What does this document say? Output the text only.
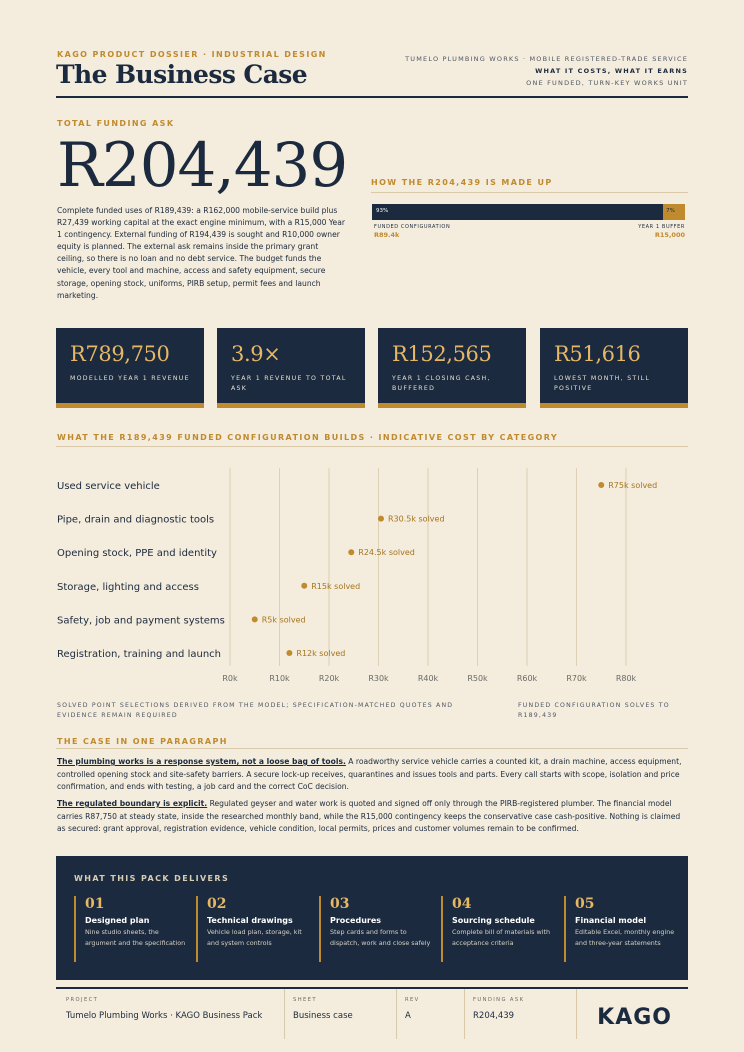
KAGO PRODUCT DOSSIER · INDUSTRIAL DESIGN
The Business Case
TUMELO PLUMBING WORKS · MOBILE REGISTERED-TRADE SERVICE
WHAT IT COSTS, WHAT IT EARNS
ONE FUNDED, TURN-KEY WORKS UNIT
TOTAL FUNDING ASK
R204,439
Complete funded uses of R189,439: a R162,000 mobile-service build plus R27,439 working capital at the exact engine minimum, with a R15,000 Year 1 contingency. External funding of R194,439 is sought and R10,000 owner equity is planned. The external ask remains inside the primary grant ceiling, so there is no loan and no debt service. The budget funds the vehicle, every tool and machine, access and safety equipment, secure storage, opening stock, uniforms, PIRB setup, permit fees and launch marketing.
HOW THE R204,439 IS MADE UP
93%	7%
FUNDED CONFIGURATION
R89.4k
YEAR 1 BUFFER
R15,000
R789,750
MODELLED YEAR 1 REVENUE
3.9×
YEAR 1 REVENUE TO TOTAL ASK
R152,565
YEAR 1 CLOSING CASH, BUFFERED
R51,616
LOWEST MONTH, STILL POSITIVE
WHAT THE R189,439 FUNDED CONFIGURATION BUILDS · INDICATIVE COST BY CATEGORY
R0k	R10k	R20k	R30k	R40k	R50k	R60k	R70k	R80k
Used service vehicle	R75k solved
Pipe, drain and diagnostic tools	R30.5k solved
Opening stock, PPE and identity	R24.5k solved
Storage, lighting and access	R15k solved
Safety, job and payment systems	R5k solved
Registration, training and launch	R12k solved
SOLVED POINT SELECTIONS DERIVED FROM THE MODEL; SPECIFICATION-MATCHED QUOTES AND EVIDENCE REMAIN REQUIRED
FUNDED CONFIGURATION SOLVES TO R189,439
THE CASE IN ONE PARAGRAPH
The plumbing works is a response system, not a loose bag of tools. A roadworthy service vehicle carries a counted kit, a drain machine, access equipment, controlled opening stock and site-safety barriers. A secure lock-up receives, quarantines and issues tools and parts. Every call starts with scope, isolation and price confirmation, and ends with testing, a job card and the correct CoC decision.
The regulated boundary is explicit. Regulated geyser and water work is quoted and signed off only through the PIRB-registered plumber. The financial model carries R87,750 at steady state, inside the researched monthly band, while the R15,000 contingency keeps the conservative case cash-positive. Nothing is claimed as secured: grant approval, registration evidence, vehicle condition, local permits, prices and customer volumes remain to be confirmed.
WHAT THIS PACK DELIVERS
01
Designed plan
Nine studio sheets, the argument and the specification
02
Technical drawings
Vehicle load plan, storage, kit and system controls
03
Procedures
Step cards and forms to dispatch, work and close safely
04
Sourcing schedule
Complete bill of materials with acceptance criteria
05
Financial model
Editable Excel, monthly engine and three-year statements
PROJECT
Tumelo Plumbing Works · KAGO Business Pack
SHEET
Business case
REV
A
FUNDING ASK
R204,439	KAGO
